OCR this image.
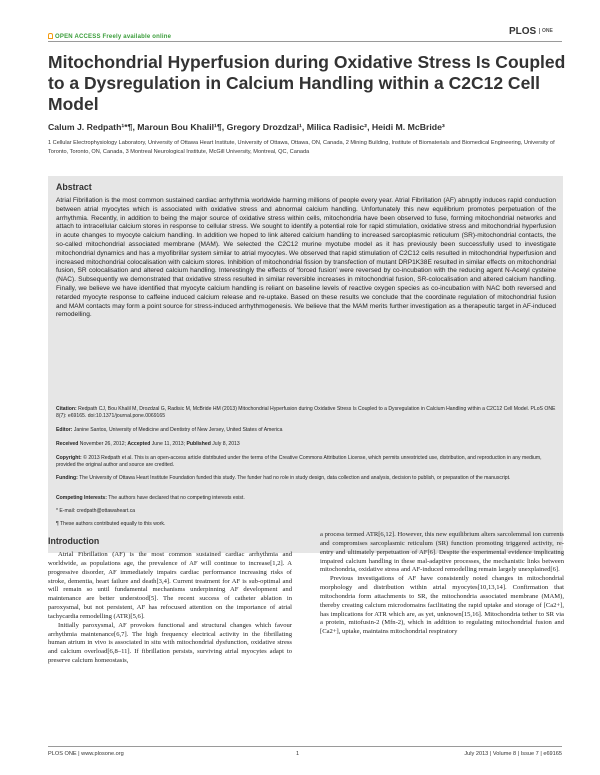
OPEN ACCESS Freely available online	PLOS $^{ONE}$
Mitochondrial Hyperfusion during Oxidative Stress Is Coupled to a Dysregulation in Calcium Handling within a C2C12 Cell Model
Calum J. Redpath¹*¶, Maroun Bou Khalil¹¶, Gregory Drozdzal¹, Milica Radisic², Heidi M. McBride³
1 Cellular Electrophysiology Laboratory, University of Ottawa Heart Institute, University of Ottawa, Ottawa, ON, Canada, 2 Mining Building, Institute of Biomaterials and Biomedical Engineering, University of Toronto, Toronto, ON, Canada, 3 Montreal Neurological Institute, McGill University, Montreal, QC, Canada
Abstract
Atrial Fibrillation is the most common sustained cardiac arrhythmia worldwide harming millions of people every year. Atrial Fibrillation (AF) abruptly induces rapid conduction between atrial myocytes which is associated with oxidative stress and abnormal calcium handling. Unfortunately this new equilibrium promotes perpetuation of the arrhythmia. Recently, in addition to being the major source of oxidative stress within cells, mitochondria have been observed to fuse, forming mitochondrial networks and attach to intracellular calcium stores in response to cellular stress. We sought to identify a potential role for rapid stimulation, oxidative stress and mitochondrial hyperfusion in acute changes to myocyte calcium handling. In addition we hoped to link altered calcium handling to increased sarcoplasmic reticulum (SR)-mitochondrial contacts, the so-called mitochondrial associated membrane (MAM). We selected the C2C12 murine myotube model as it has previously been successfully used to investigate mitochondrial dynamics and has a myofibrillar system similar to atrial myocytes. We observed that rapid stimulation of C2C12 cells resulted in mitochondrial hyperfusion and increased mitochondrial colocalisation with calcium stores. Inhibition of mitochondrial fission by transfection of mutant DRP1K38E resulted in similar effects on mitochondrial fusion, SR colocalisation and altered calcium handling. Interestingly the effects of ‘forced fusion’ were reversed by co-incubation with the reducing agent N-Acetyl cysteine (NAC). Subsequently we demonstrated that oxidative stress resulted in similar reversible increases in mitochondrial fusion, SR-colocalisation and altered calcium handling. Finally, we believe we have identified that myocyte calcium handling is reliant on baseline levels of reactive oxygen species as co-incubation with NAC both reversed and retarded myocyte response to caffeine induced calcium release and re-uptake. Based on these results we conclude that the coordinate regulation of mitochondrial fusion and MAM contacts may form a point source for stress-induced arrhythmogenesis. We believe that the MAM merits further investigation as a therapeutic target in AF-induced remodelling.
Citation: Redpath CJ, Bou Khalil M, Drozdzal G, Radisic M, McBride HM (2013) Mitochondrial Hyperfusion during Oxidative Stress Is Coupled to a Dysregulation in Calcium Handling within a C2C12 Cell Model. PLoS ONE 8(7): e69165. doi:10.1371/journal.pone.0069165
Editor: Janine Santos, University of Medicine and Dentistry of New Jersey, United States of America
Received November 26, 2012; Accepted June 11, 2013; Published July 8, 2013
Copyright: © 2013 Redpath et al. This is an open-access article distributed under the terms of the Creative Commons Attribution License, which permits unrestricted use, distribution, and reproduction in any medium, provided the original author and source are credited.
Funding: The University of Ottawa Heart Institute Foundation funded this study. The funder had no role in study design, data collection and analysis, decision to publish, or preparation of the manuscript.
Competing Interests: The authors have declared that no competing interests exist.
* E-mail: credpath@ottawaheart.ca
¶ These authors contributed equally to this work.
Introduction

Atrial Fibrillation (AF) is the most common sustained cardiac arrhythmia and worldwide, as populations age, the prevalence of AF will continue to increase[1,2]. A progressive disorder, AF immediately impairs cardiac performance increasing risks of stroke, dementia, heart failure and death[3,4]. Current treatment for AF is sub-optimal and will remain so until fundamental mechanisms underpinning AF development and maintenance are better understood[5]. The recent success of catheter ablation in paroxysmal, but not persistent, AF has refocused attention on the importance of atrial tachycardia remodelling (ATR)[5,6].

Initially paroxysmal, AF provokes functional and structural changes which favour arrhythmia maintenance[6,7]. The high frequency electrical activity in the fibrillating human atrium in vivo is associated in situ with mitochondrial dysfunction, oxidative stress and calcium overload[6,8–11]. If fibrillation persists, surviving atrial myocytes adapt to preserve calcium homeostasis,

a process termed ATR[6,12]. However, this new equilibrium alters sarcolemmal ion currents and compromises sarcoplasmic reticulum (SR) function promoting triggered activity, re-entry and ultimately perpetuation of AF[6]. Despite the experimental evidence implicating impaired calcium handling in these mal-adaptive processes, the mechanistic links between mitochondria, oxidative stress and AF-induced remodelling remain largely unexplained[6].

Previous investigations of AF have consistently noted changes in mitochondrial morphology and distribution within atrial myocytes[10,13,14]. Confirmation that mitochondria form attachments to SR, the mitochondria associated membrane (MAM), thereby creating calcium microdomains facilitating the rapid uptake and storage of [Ca2+], has implications for ATR which are, as yet, unknown[15,16]. Mitochondria tether to SR via a protein, mitofusin-2 (Mfn-2), which in addition to regulating mitochondrial fusion and [Ca2+], uptake, maintains mitochondrial respiratory

PLOS ONE | www.plosone.org	1	July 2013 | Volume 8 | Issue 7 | e69165
